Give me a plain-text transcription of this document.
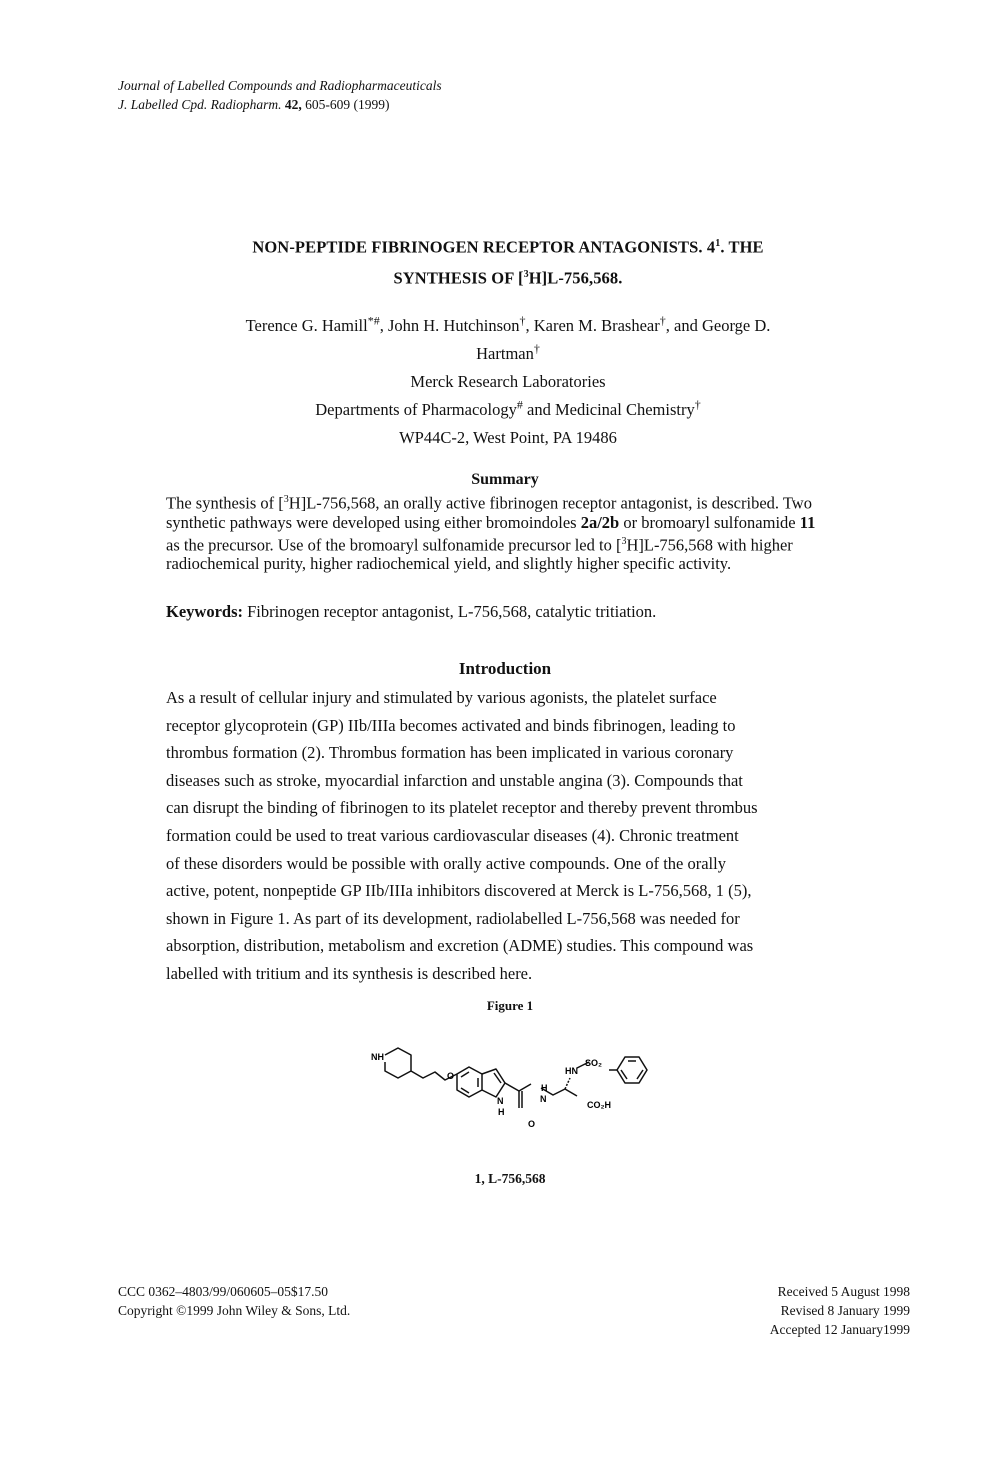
Journal of Labelled Compounds and Radiopharmaceuticals
J. Labelled Cpd. Radiopharm. 42, 605-609 (1999)
NON-PEPTIDE FIBRINOGEN RECEPTOR ANTAGONISTS. $4^1$. THE
SYNTHESIS OF [$^3$H]L-756,568.
Terence G. Hamill*#, John H. Hutchinson†, Karen M. Brashear†, and George D.
Hartman†
Merck Research Laboratories
Departments of Pharmacology# and Medicinal Chemistry†
WP44C-2, West Point, PA 19486
Summary
The synthesis of [$^3$H]L-756,568, an orally active fibrinogen receptor antagonist, is described. Two synthetic pathways were developed using either bromoindoles 2a/2b or bromoaryl sulfonamide 11 as the precursor. Use of the bromoaryl sulfonamide precursor led to [$^3$H]L-756,568 with higher radiochemical purity, higher radiochemical yield, and slightly higher specific activity.
Keywords: Fibrinogen receptor antagonist, L-756,568, catalytic tritiation.
Introduction

As a result of cellular injury and stimulated by various agonists, the platelet surface

receptor glycoprotein (GP) IIb/IIIa becomes activated and binds fibrinogen, leading to

thrombus formation (2). Thrombus formation has been implicated in various coronary

diseases such as stroke, myocardial infarction and unstable angina (3). Compounds that

can disrupt the binding of fibrinogen to its platelet receptor and thereby prevent thrombus

formation could be used to treat various cardiovascular diseases (4). Chronic treatment

of these disorders would be possible with orally active compounds. One of the orally

active, potent, nonpeptide GP IIb/IIIa inhibitors discovered at Merck is L-756,568, 1 (5),

shown in Figure 1. As part of its development, radiolabelled L-756,568 was needed for

absorption, distribution, metabolism and excretion (ADME) studies. This compound was

labelled with tritium and its synthesis is described here.

Figure 1
NH
O
N
H
H
N
O
HN
SO₂
CO₂H
1, L-756,568
CCC 0362–4803/99/060605–05$17.50
Copyright ©1999 John Wiley & Sons, Ltd.
Received 5 August 1998
Revised 8 January 1999
Accepted 12 January1999
